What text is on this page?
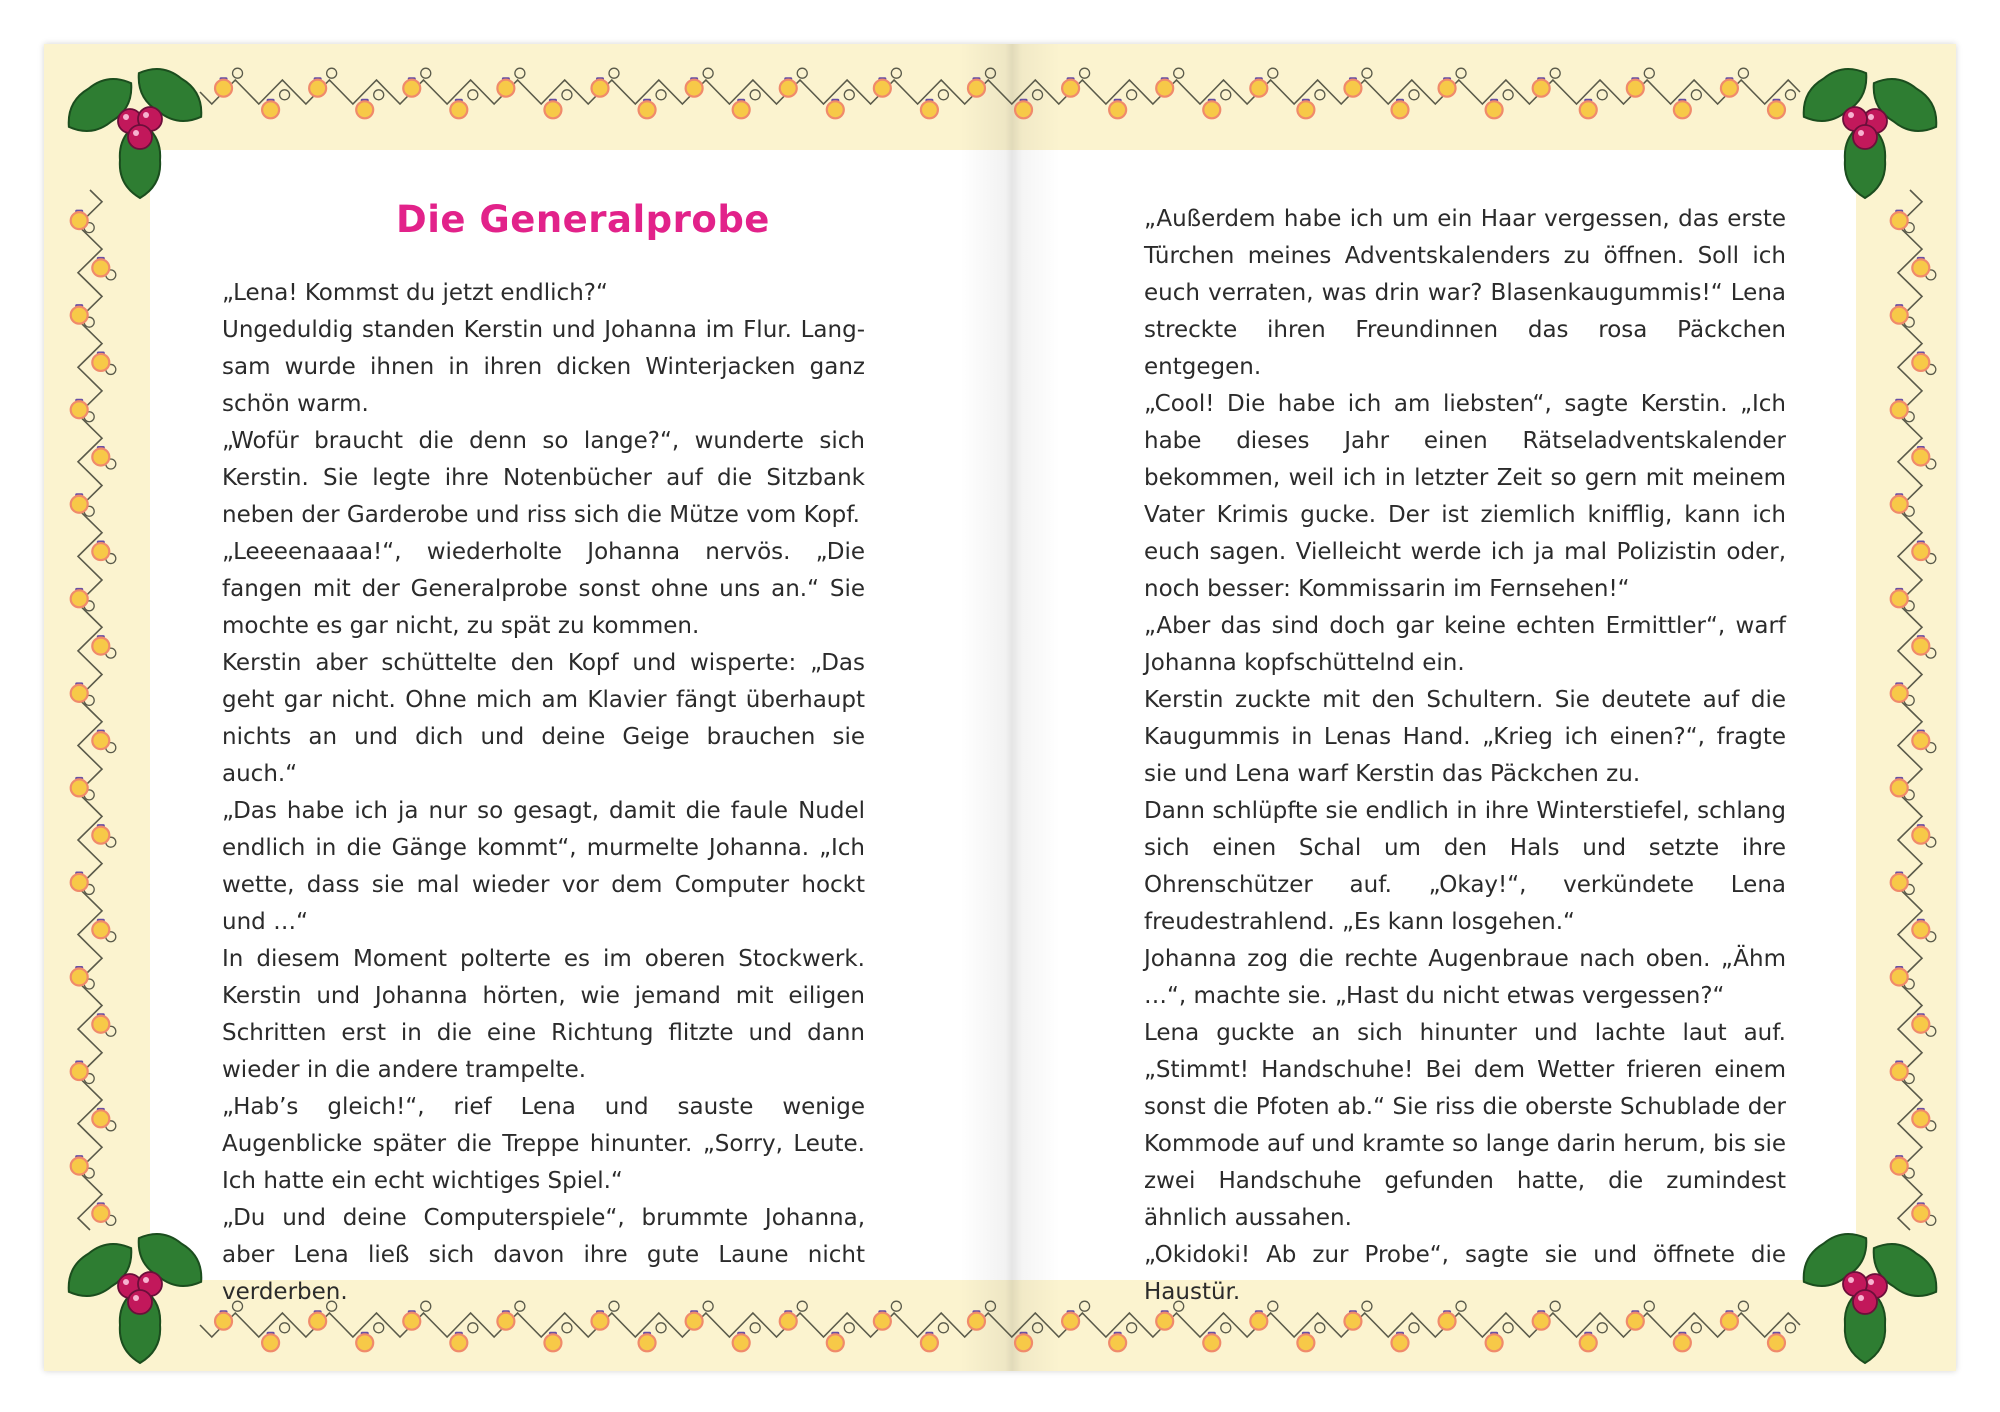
Die Generalprobe

„Lena! Kommst du jetzt endlich?“

Ungeduldig standen Kerstin und Johanna im Flur. Langsam wurde ihnen in ihren dicken Winterjacken ganz schön warm.

„Wofür braucht die denn so lange?“, wunderte sich Kerstin. Sie legte ihre Notenbücher auf die Sitzbank neben der Garderobe und riss sich die Mütze vom Kopf.

„Leeeenaaaa!“, wiederholte Johanna nervös. „Die fangen mit der Generalprobe sonst ohne uns an.“ Sie mochte es gar nicht, zu spät zu kommen.

Kerstin aber schüttelte den Kopf und wisperte: „Das geht gar nicht. Ohne mich am Klavier fängt überhaupt nichts an und dich und deine Geige brauchen sie auch.“

„Das habe ich ja nur so gesagt, damit die faule Nudel endlich in die Gänge kommt“, murmelte Johanna. „Ich wette, dass sie mal wieder vor dem Computer hockt und …“

In diesem Moment polterte es im oberen Stockwerk. Kerstin und Johanna hörten, wie jemand mit eiligen Schritten erst in die eine Richtung flitzte und dann wieder in die andere trampelte.

„Hab’s gleich!“, rief Lena und sauste wenige Augenblicke später die Treppe hinunter. „Sorry, Leute. Ich hatte ein echt wichtiges Spiel.“

„Du und deine Computerspiele“, brummte Johanna, aber Lena ließ sich davon ihre gute Laune nicht verderben.

„Außerdem habe ich um ein Haar vergessen, das erste Türchen meines Adventskalenders zu öffnen. Soll ich euch verraten, was drin war? Blasenkaugummis!“ Lena streckte ihren Freundinnen das rosa Päckchen entgegen.

„Cool! Die habe ich am liebsten“, sagte Kerstin. „Ich habe dieses Jahr einen Rätseladventskalender bekommen, weil ich in letzter Zeit so gern mit meinem Vater Krimis gucke. Der ist ziemlich knifflig, kann ich euch sagen. Vielleicht werde ich ja mal Polizistin oder, noch besser: Kommissarin im Fernsehen!“

„Aber das sind doch gar keine echten Ermittler“, warf Johanna kopfschüttelnd ein.

Kerstin zuckte mit den Schultern. Sie deutete auf die Kaugummis in Lenas Hand. „Krieg ich einen?“, fragte sie und Lena warf Kerstin das Päckchen zu.

Dann schlüpfte sie endlich in ihre Winterstiefel, schlang sich einen Schal um den Hals und setzte ihre Ohrenschützer auf. „Okay!“, verkündete Lena freudestrahlend. „Es kann losgehen.“

Johanna zog die rechte Augenbraue nach oben. „Ähm …“, machte sie. „Hast du nicht etwas vergessen?“

Lena guckte an sich hinunter und lachte laut auf. „Stimmt! Handschuhe! Bei dem Wetter frieren einem sonst die Pfoten ab.“ Sie riss die oberste Schublade der Kommode auf und kramte so lange darin herum, bis sie zwei Handschuhe gefunden hatte, die zumindest ähnlich aussahen.

„Okidoki! Ab zur Probe“, sagte sie und öffnete die Haustür.
